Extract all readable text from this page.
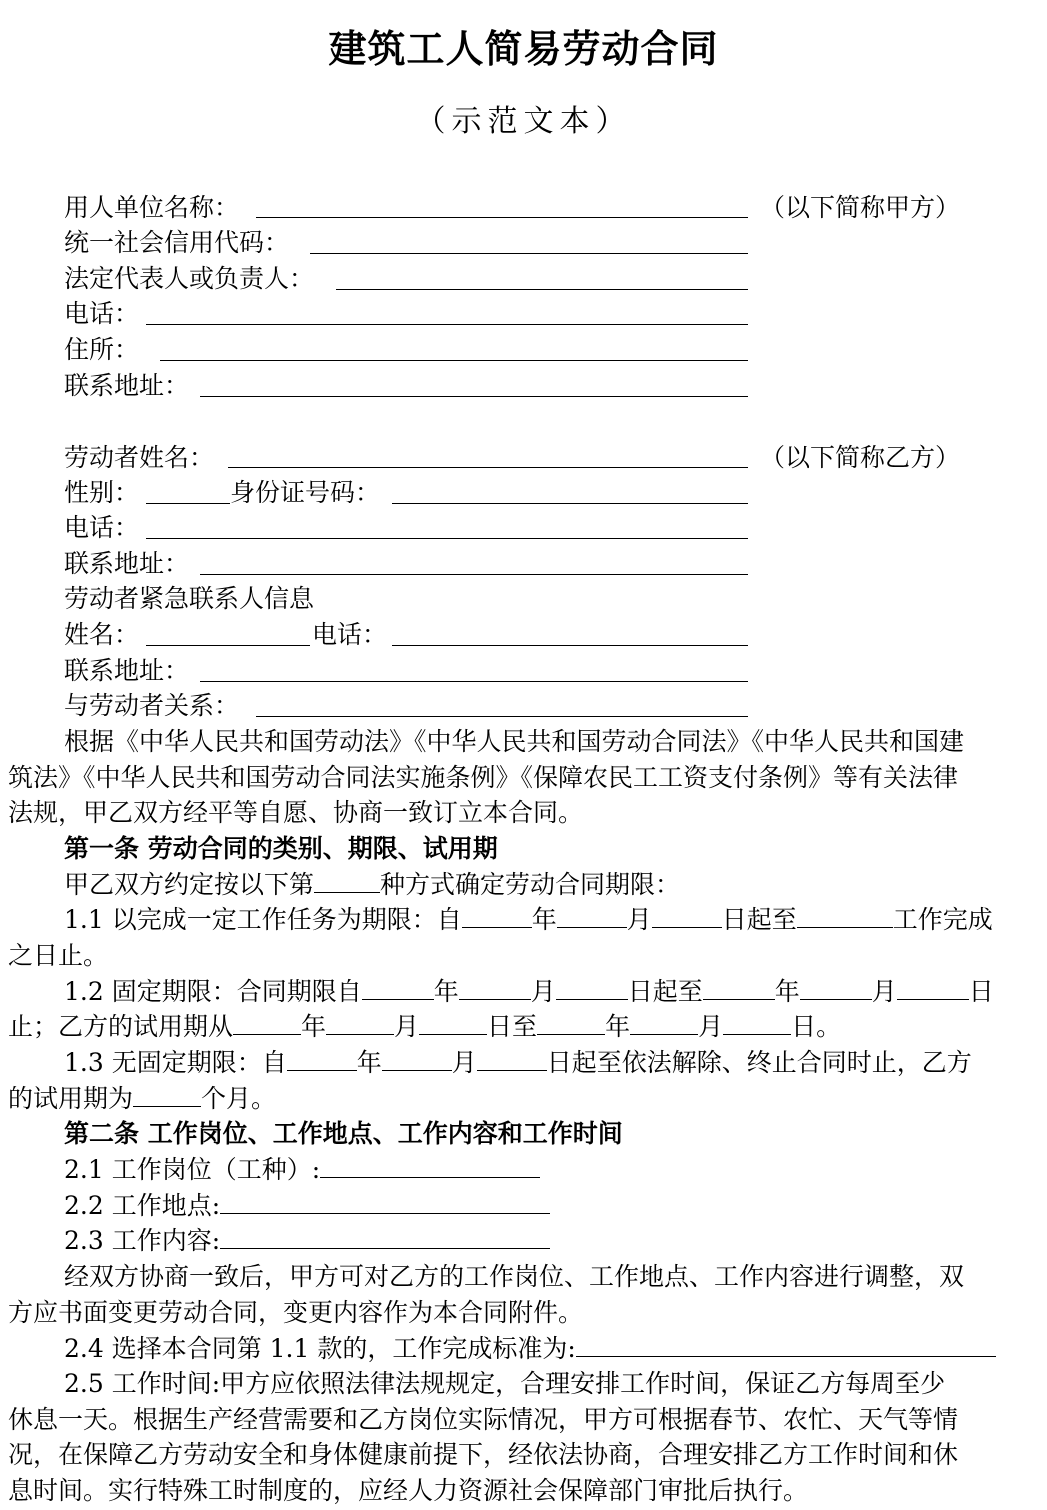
建筑工人简易劳动合同
（示范文本）
用人单位名称：	（以下简称甲方）
统一社会信用代码：
法定代表人或负责人：
电话：
住所：
联系地址：
劳动者姓名：	（以下简称乙方）
性别：	身份证号码：
电话：
联系地址：
劳动者紧急联系人信息
姓名：	电话：
联系地址：
与劳动者关系：
根据《中华人民共和国劳动法》《中华人民共和国劳动合同法》《中华人民共和国建
筑法》《中华人民共和国劳动合同法实施条例》《保障农民工工资支付条例》等有关法律
法规，甲乙双方经平等自愿、协商一致订立本合同。
第一条 劳动合同的类别、期限、试用期
甲乙双方约定按以下第	种方式确定劳动合同期限：
1.1 以完成一定工作任务为期限：自	年	月	日起至	工作完成
之日止。
1.2 固定期限：合同期限自	年	月	日起至	年	月	日
止；乙方的试用期从	年	月	日至	年	月	日。
1.3 无固定期限：自	年	月	日起至依法解除、终止合同时止，乙方
的试用期为	个月。
第二条 工作岗位、工作地点、工作内容和工作时间
2.1 工作岗位（工种）:
2.2 工作地点:
2.3 工作内容:
经双方协商一致后，甲方可对乙方的工作岗位、工作地点、工作内容进行调整，双
方应书面变更劳动合同，变更内容作为本合同附件。
2.4 选择本合同第 1.1 款的，工作完成标准为:
2.5 工作时间:甲方应依照法律法规规定，合理安排工作时间，保证乙方每周至少
休息一天。根据生产经营需要和乙方岗位实际情况，甲方可根据春节、农忙、天气等情
况，在保障乙方劳动安全和身体健康前提下，经依法协商，合理安排乙方工作时间和休
息时间。实行特殊工时制度的，应经人力资源社会保障部门审批后执行。
